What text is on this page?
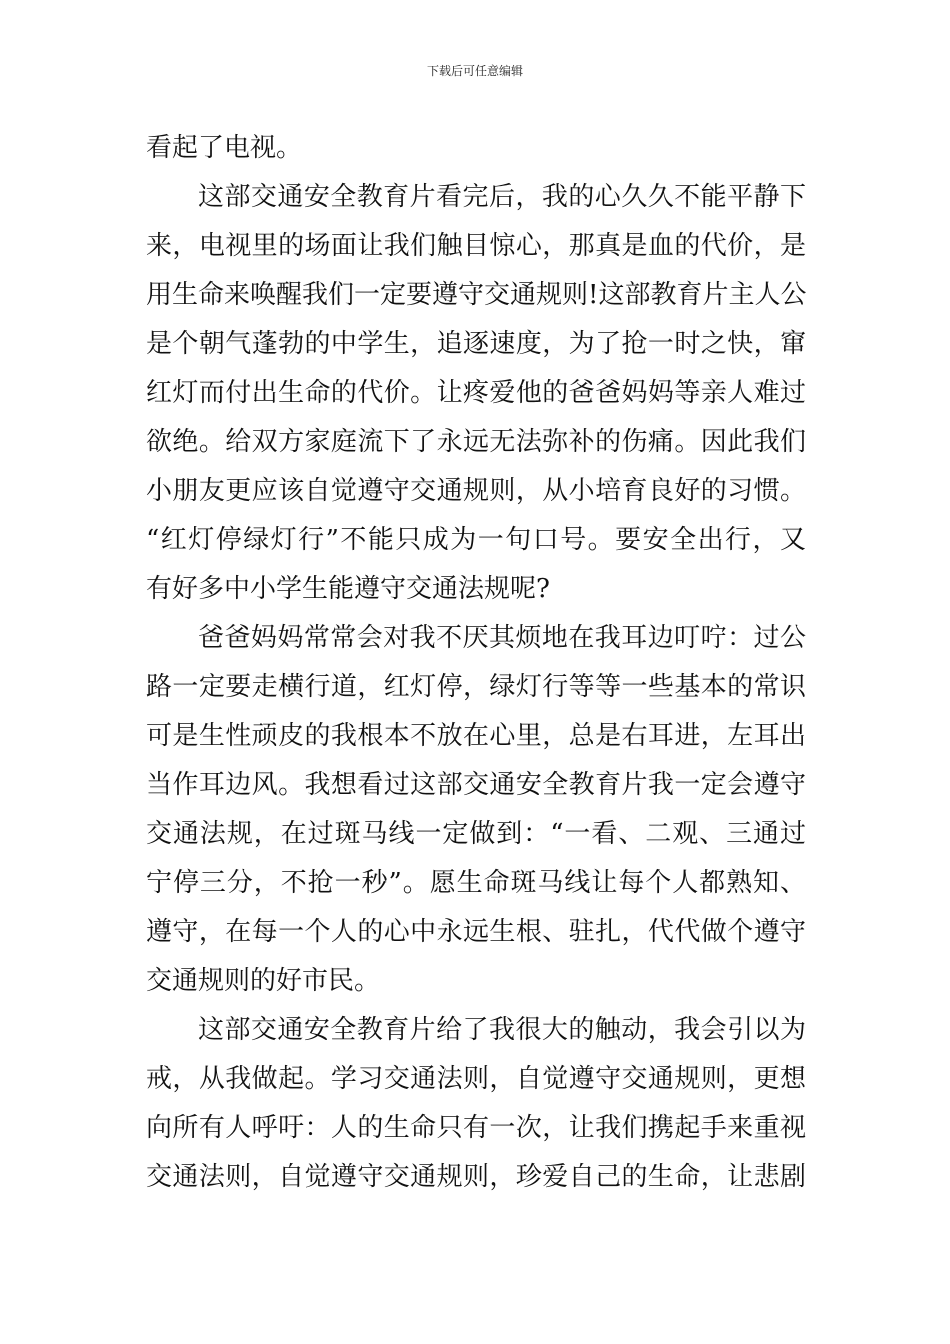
下载后可任意编辑
看起了电视。
这部交通安全教育片看完后，我的心久久不能平静下
来，电视里的场面让我们触目惊心，那真是血的代价，是
用生命来唤醒我们一定要遵守交通规则!这部教育片主人公
是个朝气蓬勃的中学生，追逐速度，为了抢一时之快，窜
红灯而付出生命的代价。让疼爱他的爸爸妈妈等亲人难过
欲绝。给双方家庭流下了永远无法弥补的伤痛。因此我们
小朋友更应该自觉遵守交通规则，从小培育良好的习惯。
“红灯停绿灯行”不能只成为一句口号。要安全出行，又
有好多中小学生能遵守交通法规呢?
爸爸妈妈常常会对我不厌其烦地在我耳边叮咛：过公
路一定要走横行道，红灯停，绿灯行等等一些基本的常识
可是生性顽皮的我根本不放在心里，总是右耳进，左耳出
当作耳边风。我想看过这部交通安全教育片我一定会遵守
交通法规，在过斑马线一定做到：“一看、二观、三通过
宁停三分，不抢一秒”。愿生命斑马线让每个人都熟知、
遵守，在每一个人的心中永远生根、驻扎，代代做个遵守
交通规则的好市民。
这部交通安全教育片给了我很大的触动，我会引以为
戒，从我做起。学习交通法则，自觉遵守交通规则，更想
向所有人呼吁：人的生命只有一次，让我们携起手来重视
交通法则，自觉遵守交通规则，珍爱自己的生命，让悲剧
